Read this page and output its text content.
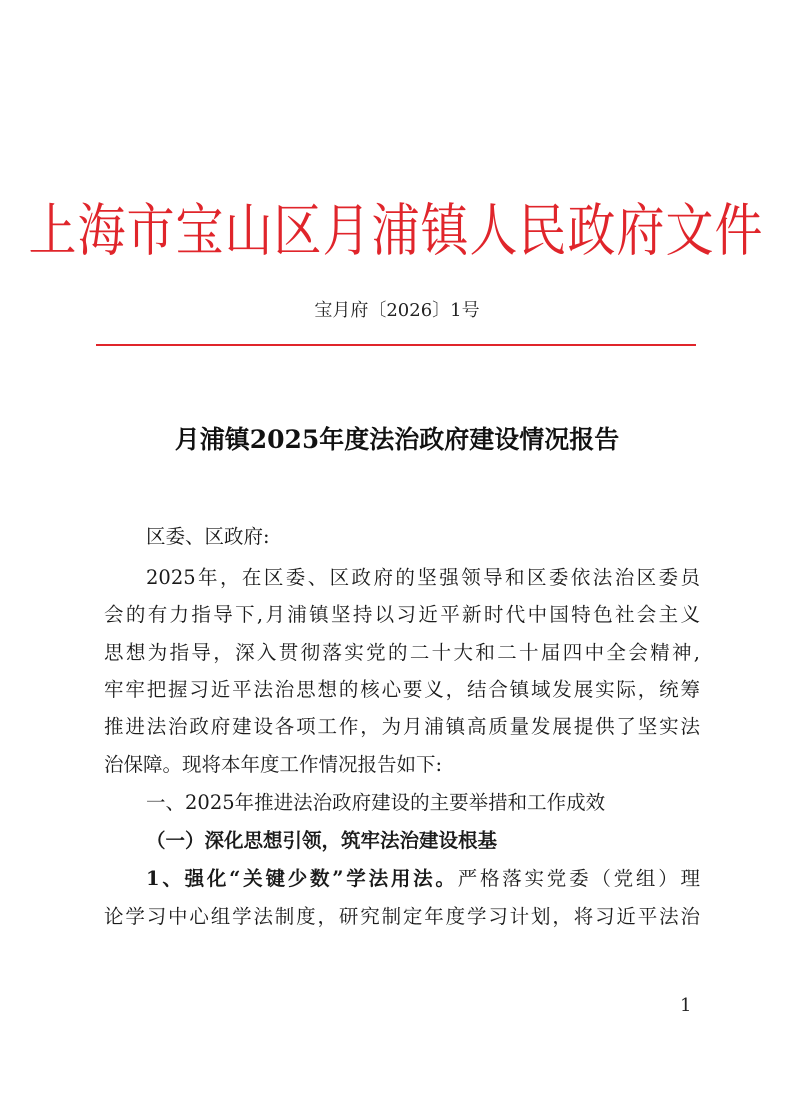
上海市宝山区月浦镇人民政府文件
宝月府〔2026〕1号
月浦镇2025年度法治政府建设情况报告
区委、区政府:
2025年，在区委、区政府的坚强领导和区委依法治区委员
会的有力指导下,月浦镇坚持以习近平新时代中国特色社会主义
思想为指导，深入贯彻落实党的二十大和二十届四中全会精神,
牢牢把握习近平法治思想的核心要义，结合镇域发展实际，统筹
推进法治政府建设各项工作，为月浦镇高质量发展提供了坚实法
治保障。现将本年度工作情况报告如下:
一、2025年推进法治政府建设的主要举措和工作成效
（一）深化思想引领，筑牢法治建设根基
1、强化“关键少数”学法用法。严格落实党委（党组）理
论学习中心组学法制度，研究制定年度学习计划，将习近平法治
1
